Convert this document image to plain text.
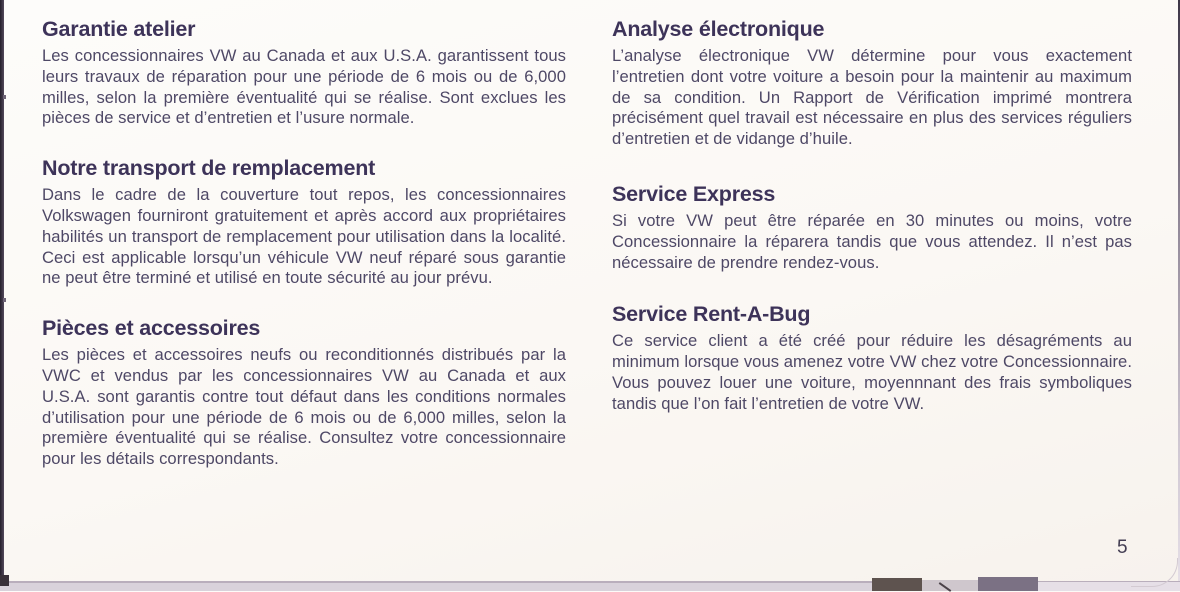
Garantie atelier

Les concessionnaires VW au Canada et aux U.S.A. garantissent tous leurs travaux de réparation pour une période de 6 mois ou de 6,000 milles, selon la première éventualité qui se réalise. Sont exclues les pièces de service et d’entretien et l’usure normale.

Notre transport de remplacement

Dans le cadre de la couverture tout repos, les concessionnaires Volkswagen fourniront gratuitement et après accord aux propriétaires habilités un transport de remplacement pour utilisation dans la localité. Ceci est applicable lorsqu’un véhicule VW neuf réparé sous garantie ne peut être terminé et utilisé en toute sécurité au jour prévu.

Pièces et accessoires

Les pièces et accessoires neufs ou reconditionnés distribués par la VWC et vendus par les concessionnaires VW au Canada et aux U.S.A. sont garantis contre tout défaut dans les conditions normales d’utilisation pour une période de 6 mois ou de 6,000 milles, selon la première éventualité qui se réalise. Consultez votre concessionnaire pour les détails correspondants.

Analyse électronique

L’analyse électronique VW détermine pour vous exactement l’entretien dont votre voiture a besoin pour la maintenir au maximum de sa condition. Un Rapport de Vérification imprimé montrera précisément quel travail est nécessaire en plus des services réguliers d’entretien et de vidange d’huile.

Service Express

Si votre VW peut être réparée en 30 minutes ou moins, votre Concessionnaire la réparera tandis que vous attendez. Il n’est pas nécessaire de prendre rendez-vous.

Service Rent-A-Bug

Ce service client a été créé pour réduire les désagréments au minimum lorsque vous amenez votre VW chez votre Concessionnaire. Vous pouvez louer une voiture, moyennnant des frais symboliques tandis que l’on fait l’entretien de votre VW.

5
